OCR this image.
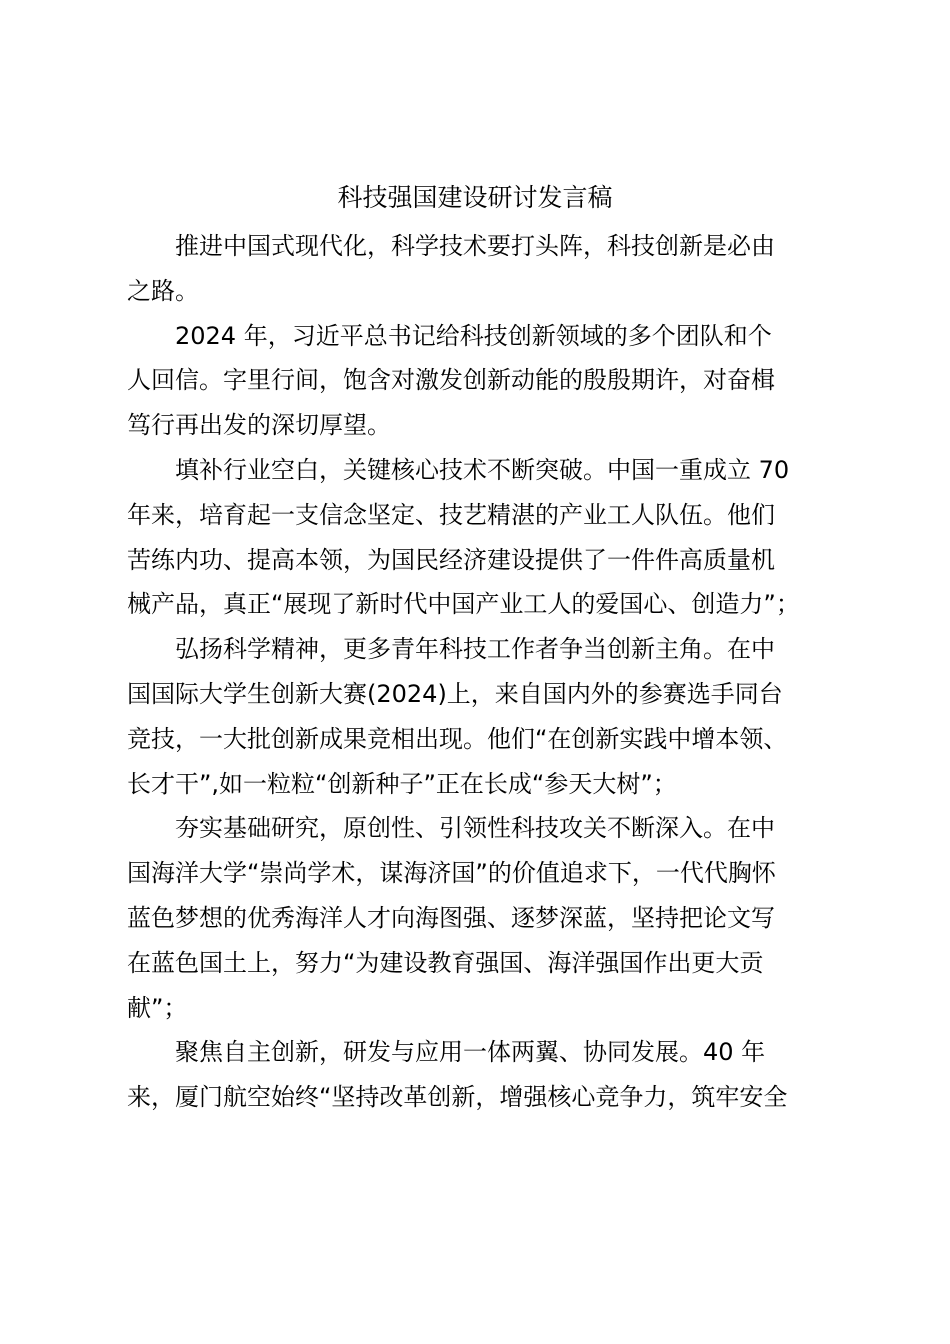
科技强国建设研讨发言稿

推进中国式现代化，科学技术要打头阵，科技创新是必由
之路。

2024 年，习近平总书记给科技创新领域的多个团队和个
人回信。字里行间，饱含对激发创新动能的殷殷期许，对奋楫
笃行再出发的深切厚望。

填补行业空白，关键核心技术不断突破。中国一重成立 70
年来，培育起一支信念坚定、技艺精湛的产业工人队伍。他们
苦练内功、提高本领，为国民经济建设提供了一件件高质量机
械产品，真正“展现了新时代中国产业工人的爱国心、创造力”；

弘扬科学精神，更多青年科技工作者争当创新主角。在中
国国际大学生创新大赛(2024)上，来自国内外的参赛选手同台
竞技，一大批创新成果竞相出现。他们“在创新实践中增本领、
长才干”,如一粒粒“创新种子”正在长成“参天大树”；

夯实基础研究，原创性、引领性科技攻关不断深入。在中
国海洋大学“崇尚学术，谋海济国”的价值追求下，一代代胸怀
蓝色梦想的优秀海洋人才向海图强、逐梦深蓝，坚持把论文写
在蓝色国土上，努力“为建设教育强国、海洋强国作出更大贡
献”；

聚焦自主创新，研发与应用一体两翼、协同发展。40 年
来，厦门航空始终“坚持改革创新，增强核心竞争力，筑牢安全
